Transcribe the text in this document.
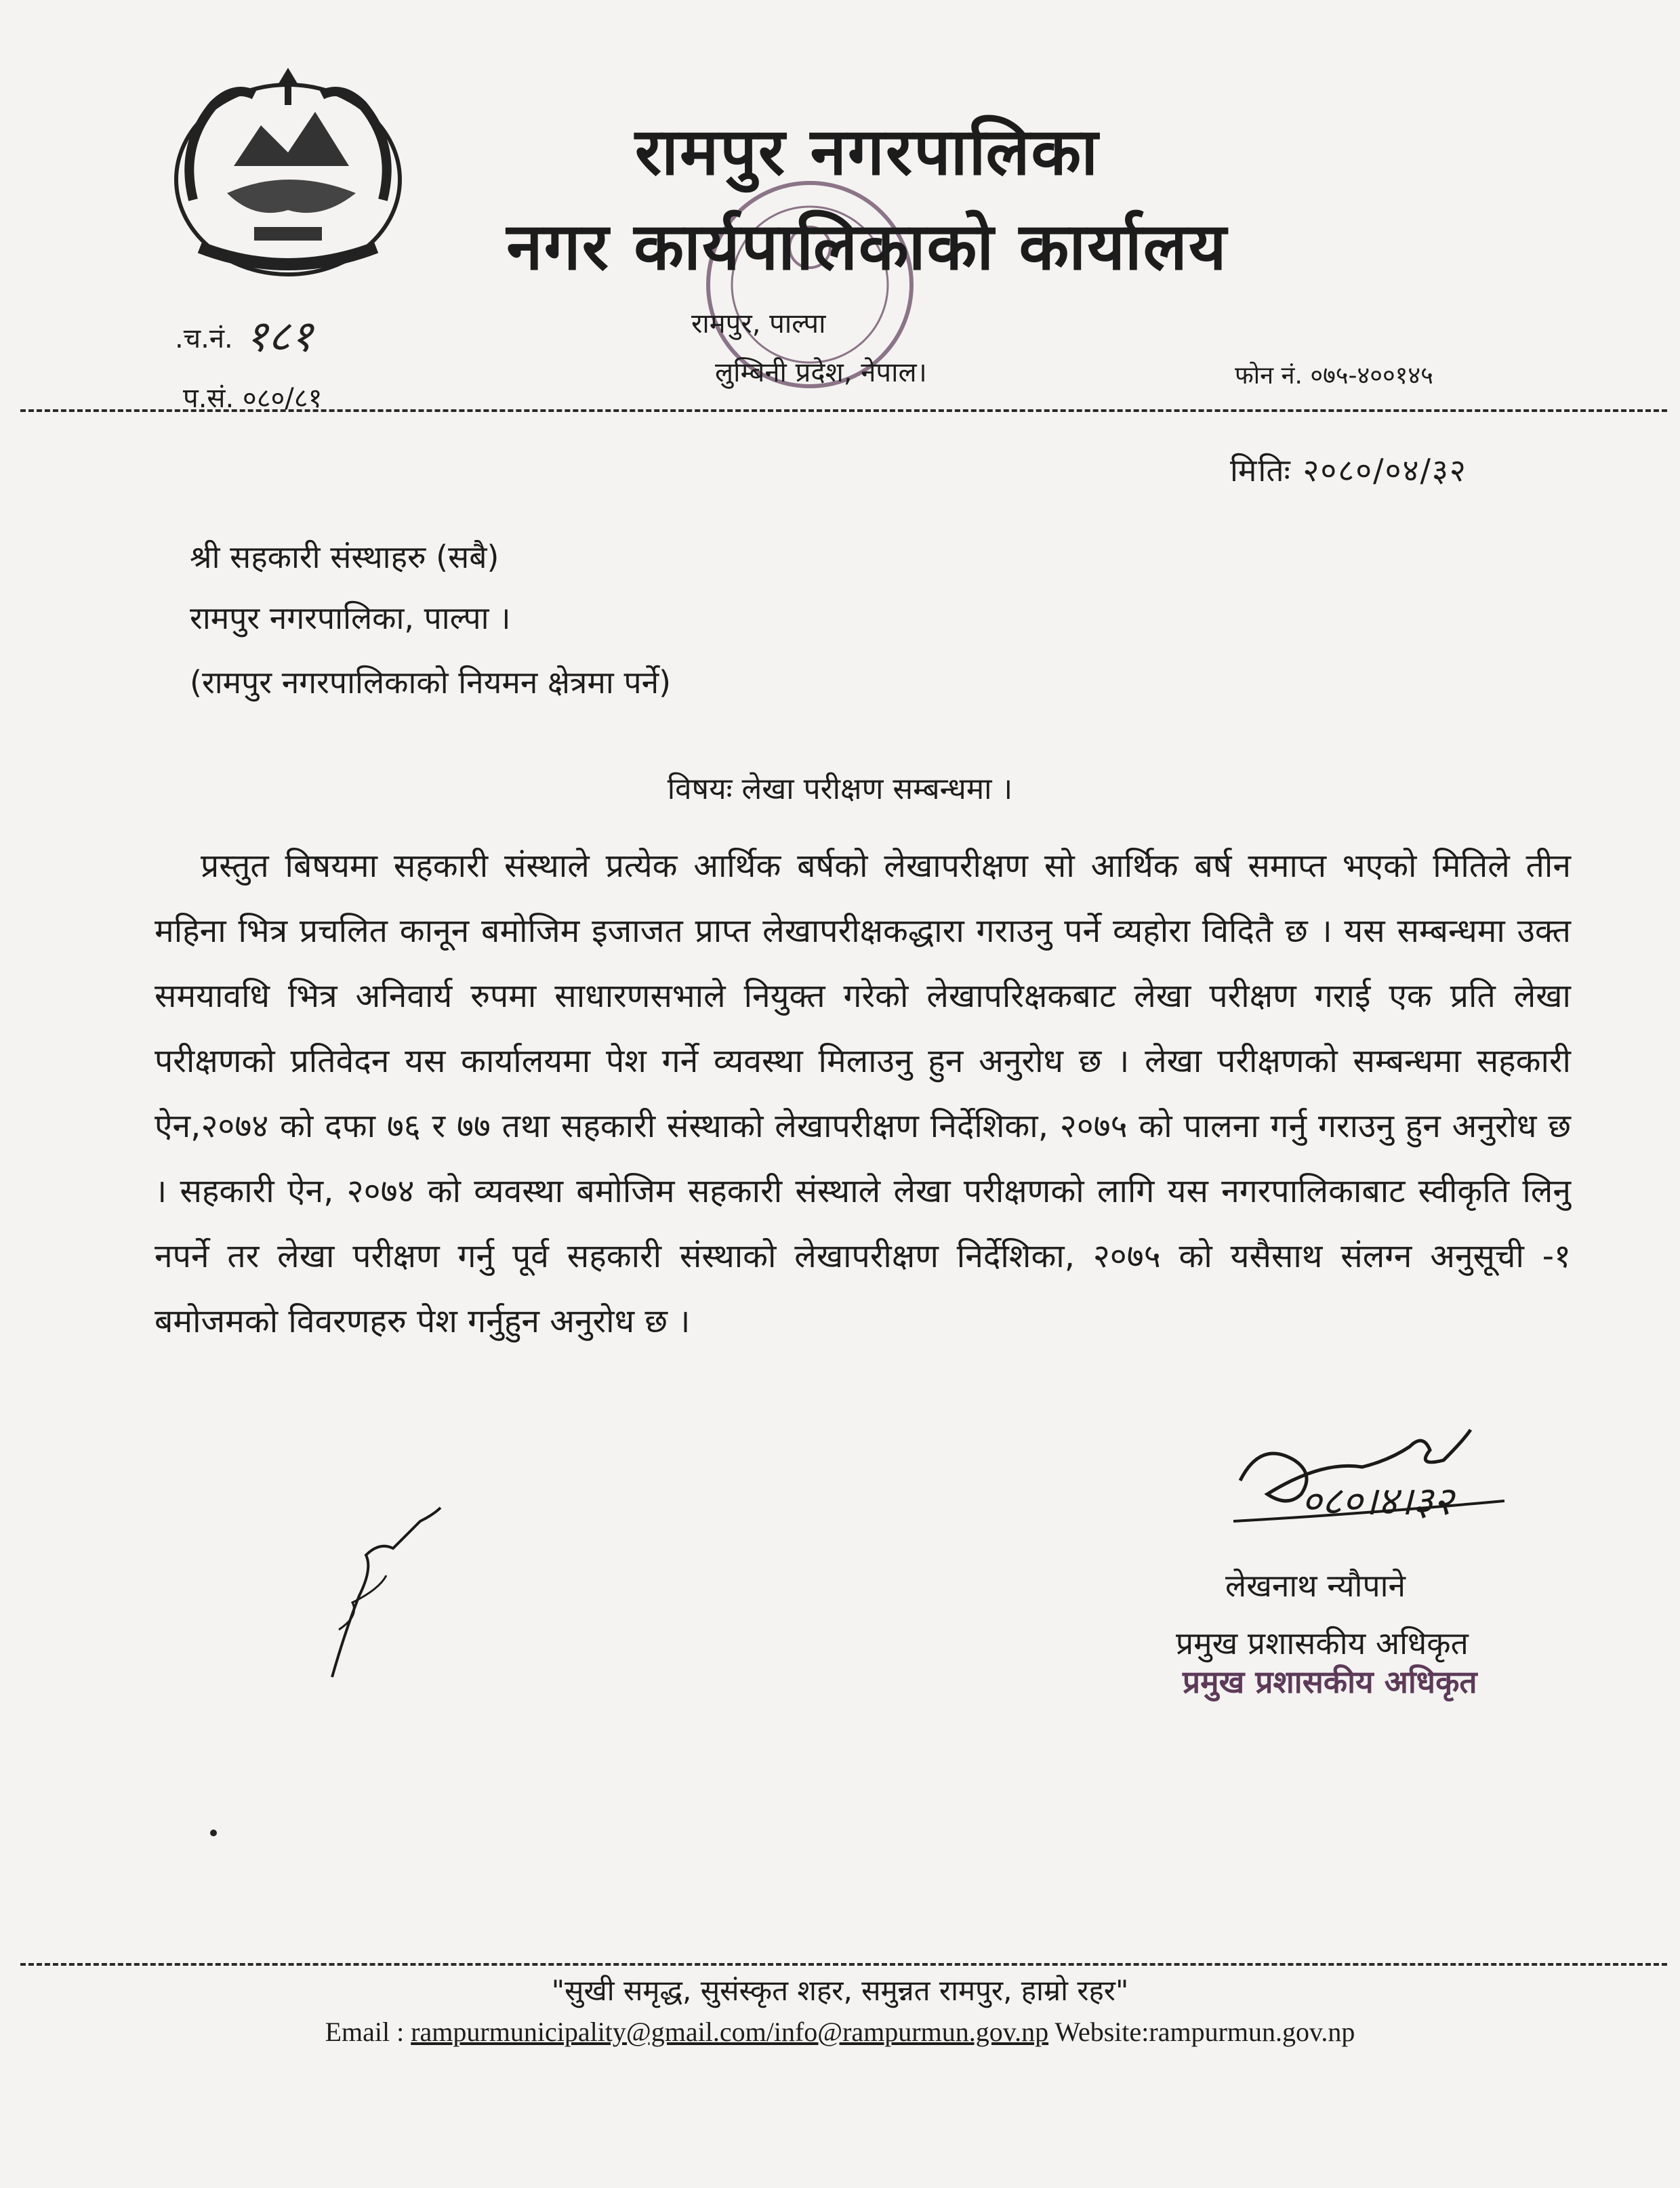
रामपुर नगरपालिका
नगर कार्यपालिकाको कार्यालय
रामपुर, पाल्पा
लुम्बिनी प्रदेश, नेपाल।
.च.नं. १८१
प.सं. ०८०/८१
फोन नं. ०७५-४००१४५
मितिः २०८०/०४/३२
श्री सहकारी संस्थाहरु (सबै)
रामपुर नगरपालिका, पाल्पा ।
(रामपुर नगरपालिकाको नियमन क्षेत्रमा पर्ने)
विषयः लेखा परीक्षण सम्बन्धमा ।
प्रस्तुत बिषयमा सहकारी संस्थाले प्रत्येक आर्थिक बर्षको लेखापरीक्षण सो आर्थिक बर्ष समाप्त भएको मितिले तीन महिना भित्र प्रचलित कानून बमोजिम इजाजत प्राप्त लेखापरीक्षकद्धारा गराउनु पर्ने व्यहोरा विदितै छ । यस सम्बन्धमा उक्त समयावधि भित्र अनिवार्य रुपमा साधारणसभाले नियुक्त गरेको लेखापरिक्षकबाट लेखा परीक्षण गराई एक प्रति लेखा परीक्षणको प्रतिवेदन यस कार्यालयमा पेश गर्ने व्यवस्था मिलाउनु हुन अनुरोध छ । लेखा परीक्षणको सम्बन्धमा सहकारी ऐन,२०७४ को दफा ७६ र ७७ तथा सहकारी संस्थाको लेखापरीक्षण निर्देशिका, २०७५ को पालना गर्नु गराउनु हुन अनुरोध छ । सहकारी ऐन, २०७४ को व्यवस्था बमोजिम सहकारी संस्थाले लेखा परीक्षणको लागि यस नगरपालिकाबाट स्वीकृति लिनु नपर्ने तर लेखा परीक्षण गर्नु पूर्व सहकारी संस्थाको लेखापरीक्षण निर्देशिका, २०७५ को यसैसाथ संलग्न अनुसूची -१ बमोजमको विवरणहरु पेश गर्नुहुन अनुरोध छ ।
०८०।४।३२
लेखनाथ न्यौपाने
प्रमुख प्रशासकीय अधिकृत
प्रमुख प्रशासकीय अधिकृत
"सुखी समृद्ध, सुसंस्कृत शहर, समुन्नत रामपुर, हाम्रो रहर"
Email : rampurmunicipality@gmail.com/info@rampurmun.gov.np Website:rampurmun.gov.np
